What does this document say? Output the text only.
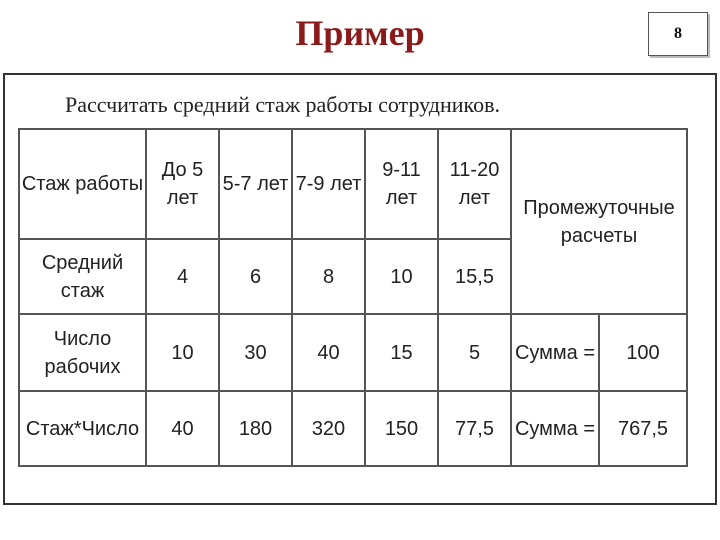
Пример	8
Рассчитать средний стаж работы сотрудников.
Стаж работы	До 5 лет	5-7 лет	7-9 лет	9-11 лет	11-20 лет	Промежуточные расчеты	
Средний стаж	4	6	8	10	15,5		
Число рабочих	10	30	40	15	5	Сумма =	100
Стаж*Число	40	180	320	150	77,5	Сумма =	767,5
